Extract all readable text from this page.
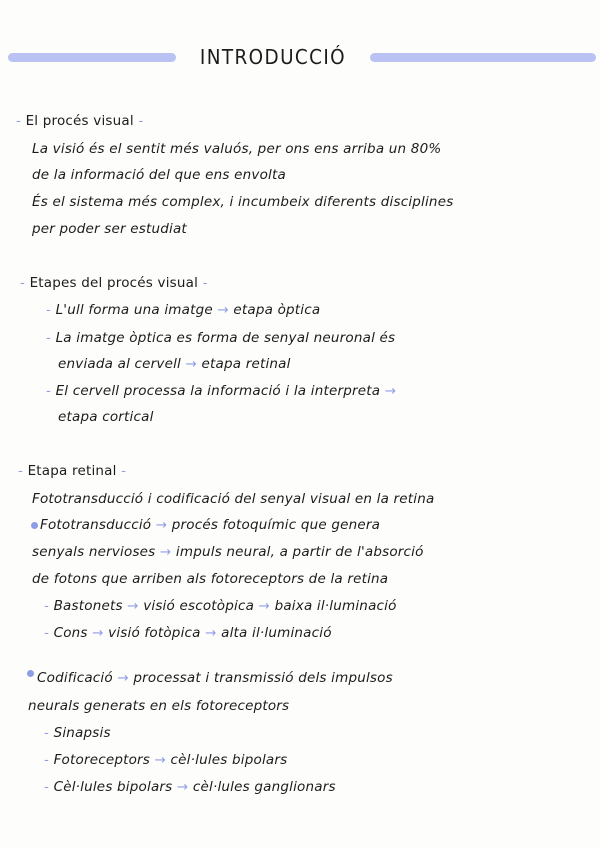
INTRODUCCIÓ
- El procés visual -
La visió és el sentit més valuós, per ons ens arriba un 80%
de la informació del que ens envolta
És el sistema més complex, i incumbeix diferents disciplines
per poder ser estudiat
- Etapes del procés visual -
- L'ull forma una imatge → etapa òptica
- La imatge òptica es forma de senyal neuronal és
enviada al cervell → etapa retinal
- El cervell processa la informació i la interpreta →
etapa cortical
- Etapa retinal -
Fototransducció i codificació del senyal visual en la retina
Fototransducció → procés fotoquímic que genera
senyals nervioses → impuls neural, a partir de l'absorció
de fotons que arriben als fotoreceptors de la retina
- Bastonets → visió escotòpica → baixa il·luminació
- Cons → visió fotòpica → alta il·luminació
Codificació → processat i transmissió dels impulsos
neurals generats en els fotoreceptors
- Sinapsis
- Fotoreceptors → cèl·lules bipolars
- Cèl·lules bipolars → cèl·lules ganglionars
